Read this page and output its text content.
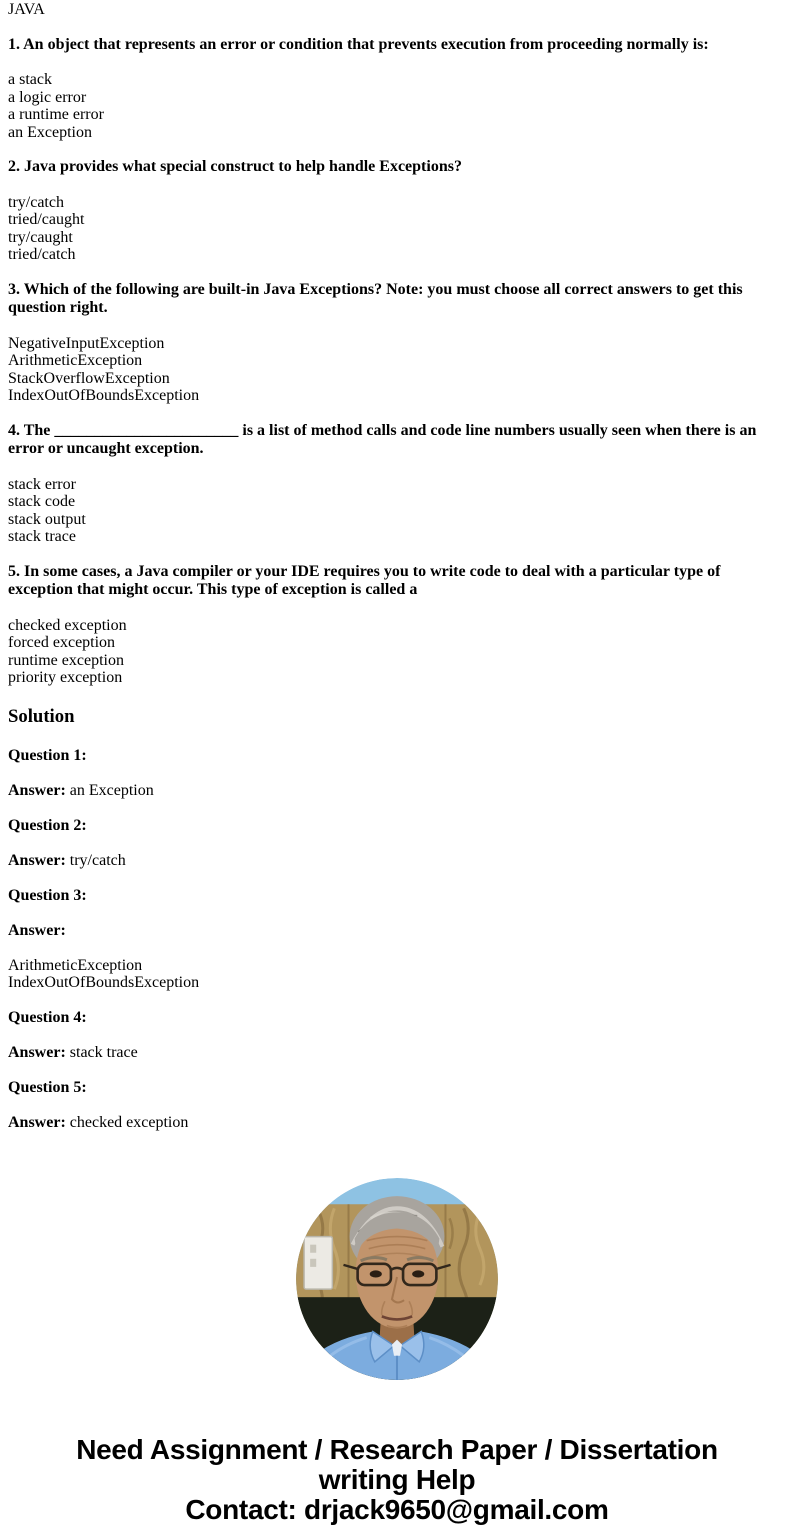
JAVA

1. An object that represents an error or condition that prevents execution from proceeding normally is:

a stack
a logic error
a runtime error
an Exception

2. Java provides what special construct to help handle Exceptions?

try/catch
tried/caught
try/caught
tried/catch

3. Which of the following are built-in Java Exceptions? Note: you must choose all correct answers to get this question right.

NegativeInputException
ArithmeticException
StackOverflowException
IndexOutOfBoundsException

4. The _______________________ is a list of method calls and code line numbers usually seen when there is an error or uncaught exception.

stack error
stack code
stack output
stack trace

5. In some cases, a Java compiler or your IDE requires you to write code to deal with a particular type of exception that might occur. This type of exception is called a

checked exception
forced exception
runtime exception
priority exception

Solution

Question 1:

Answer: an Exception

Question 2:

Answer: try/catch

Question 3:

Answer:

ArithmeticException
IndexOutOfBoundsException

Question 4:

Answer: stack trace

Question 5:

Answer: checked exception

Need Assignment / Research Paper / Dissertation
writing Help
Contact: drjack9650@gmail.com
